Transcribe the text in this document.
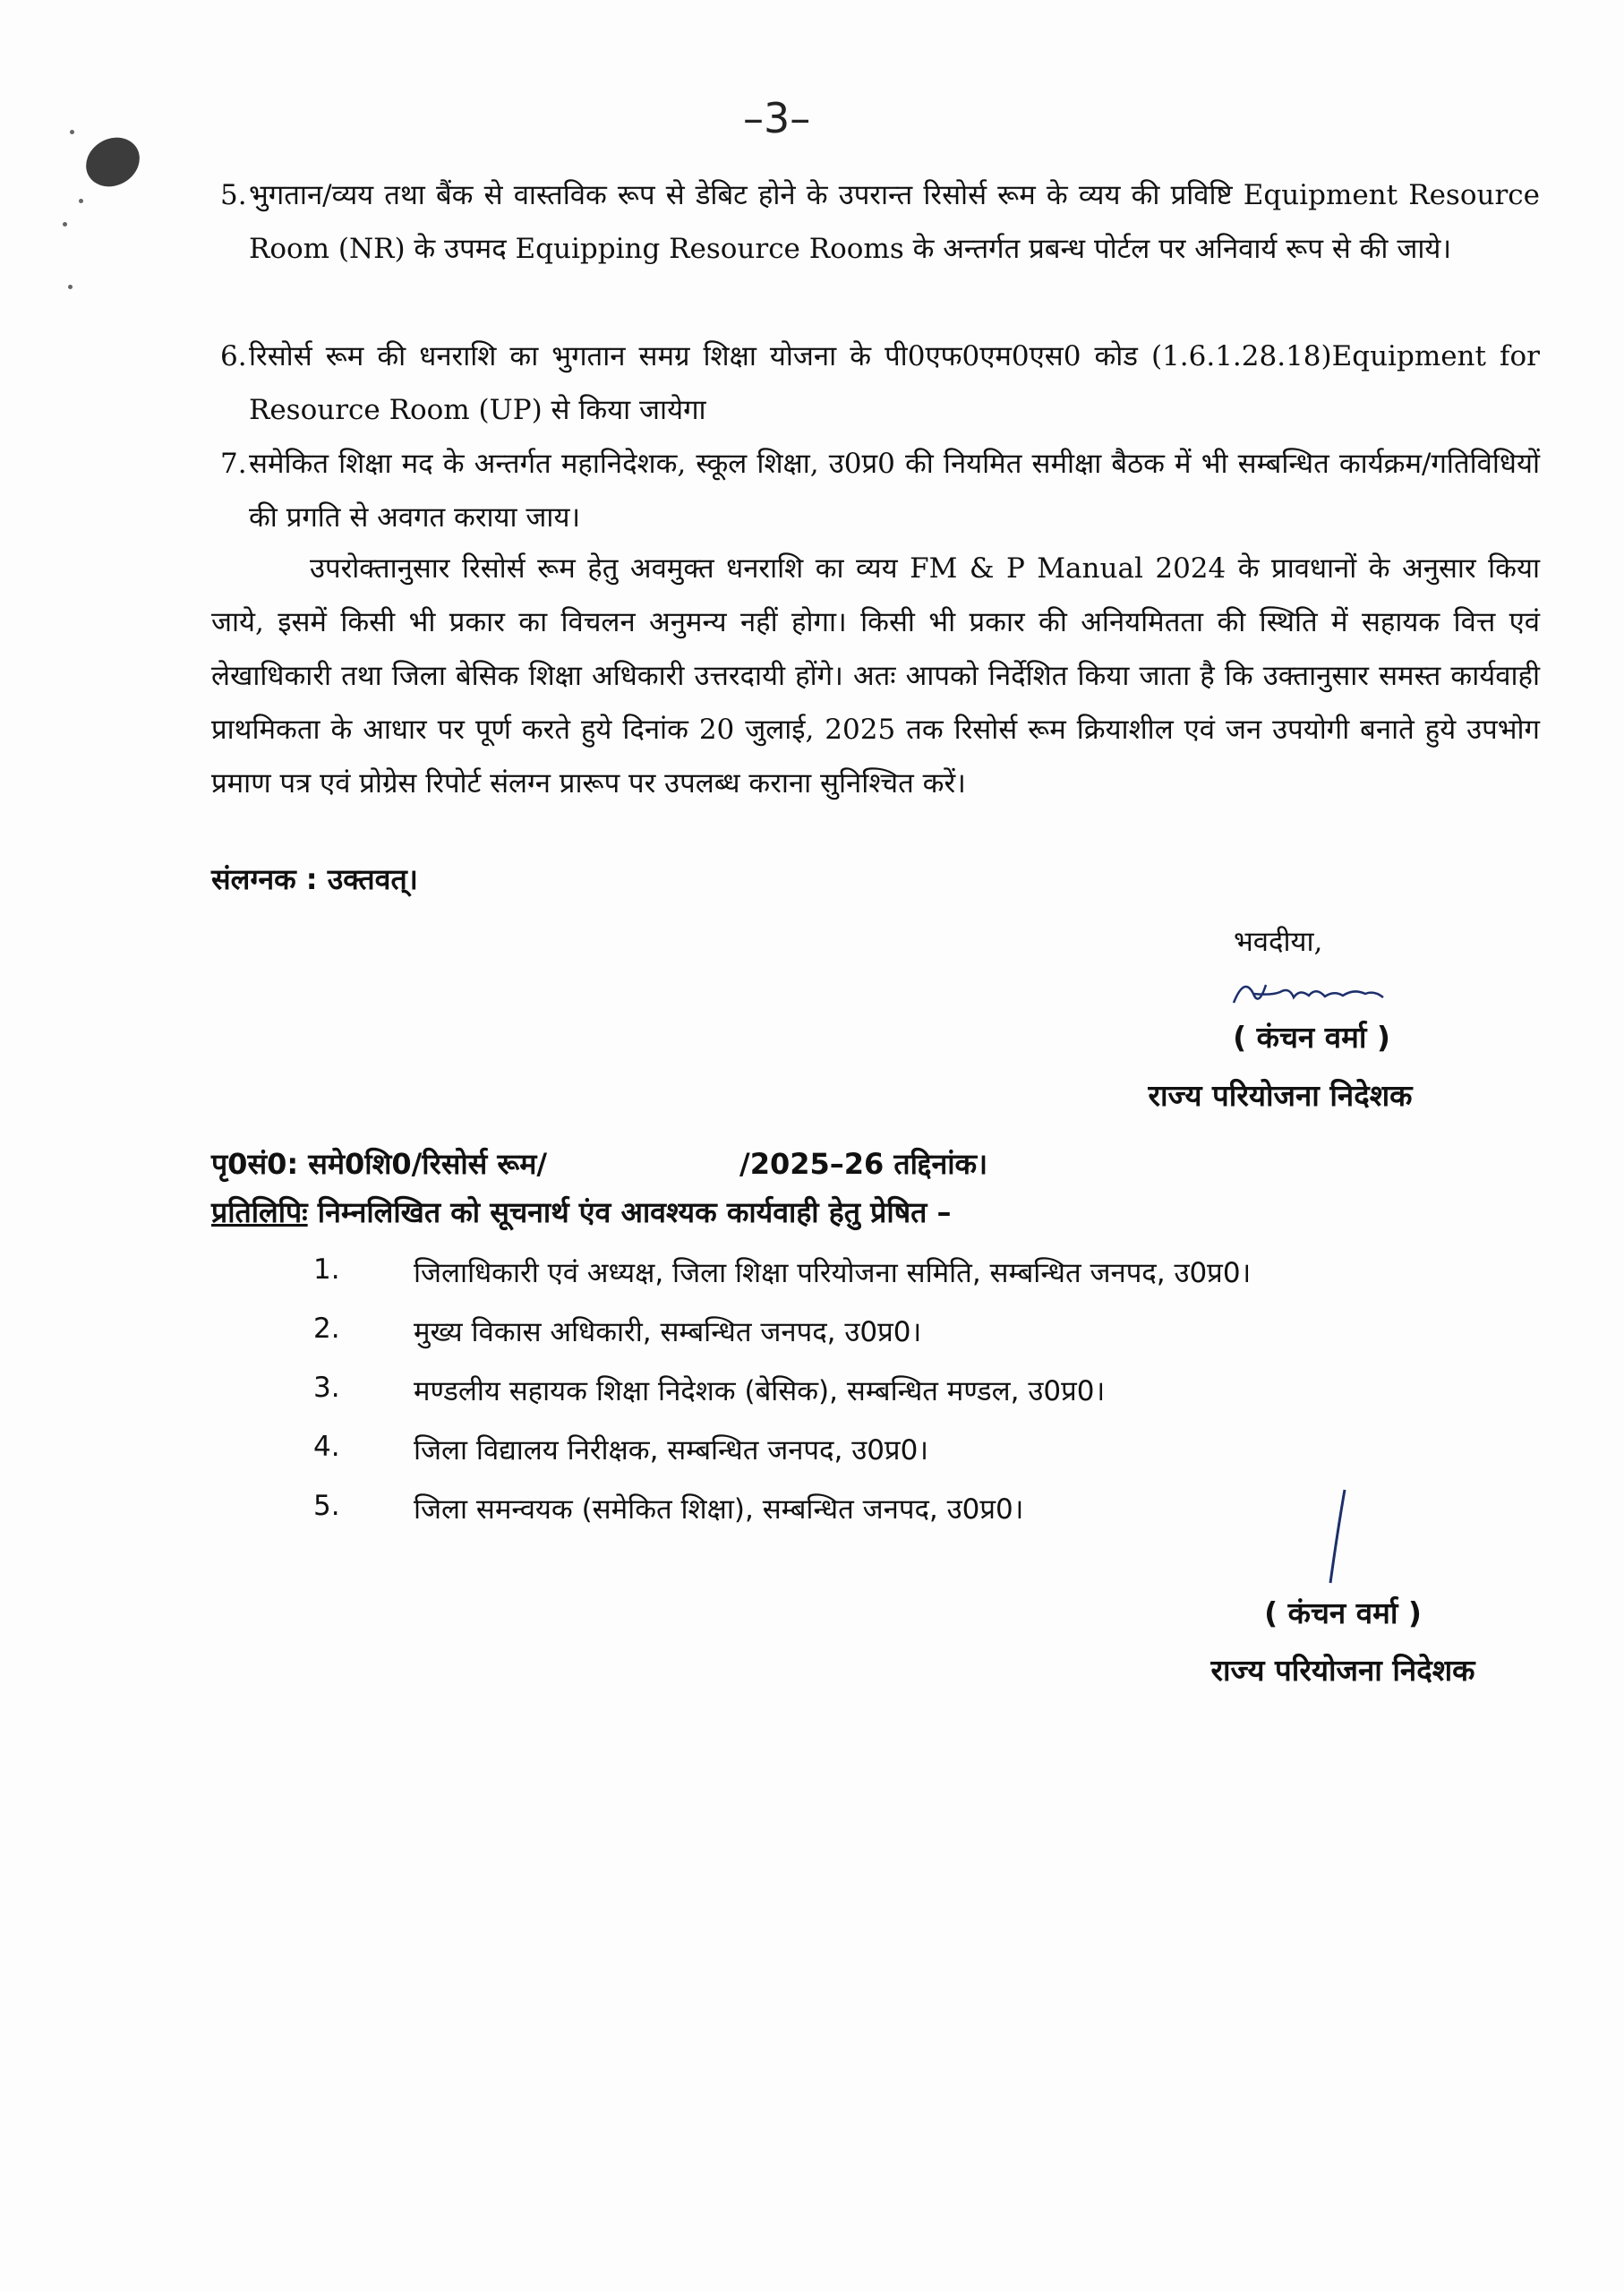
–3–
5. भुगतान/व्यय तथा बैंक से वास्तविक रूप से डेबिट होने के उपरान्त रिसोर्स रूम के व्यय की प्रविष्टि Equipment Resource Room (NR) के उपमद Equipping Resource Rooms के अन्तर्गत प्रबन्ध पोर्टल पर अनिवार्य रूप से की जाये।
6. रिसोर्स रूम की धनराशि का भुगतान समग्र शिक्षा योजना के पी0एफ0एम0एस0 कोड (1.6.1.28.18)Equipment for Resource Room (UP) से किया जायेगा
7. समेकित शिक्षा मद के अन्तर्गत महानिदेशक, स्कूल शिक्षा, उ0प्र0 की नियमित समीक्षा बैठक में भी सम्बन्धित कार्यक्रम/गतिविधियों की प्रगति से अवगत कराया जाय।
उपरोक्तानुसार रिसोर्स रूम हेतु अवमुक्त धनराशि का व्यय FM & P Manual 2024 के प्रावधानों के अनुसार किया जाये, इसमें किसी भी प्रकार का विचलन अनुमन्य नहीं होगा। किसी भी प्रकार की अनियमितता की स्थिति में सहायक वित्त एवं लेखाधिकारी तथा जिला बेसिक शिक्षा अधिकारी उत्तरदायी होंगे। अतः आपको निर्देशित किया जाता है कि उक्तानुसार समस्त कार्यवाही प्राथमिकता के आधार पर पूर्ण करते हुये दिनांक 20 जुलाई, 2025 तक रिसोर्स रूम क्रियाशील एवं जन उपयोगी बनाते हुये उपभोग प्रमाण पत्र एवं प्रोग्रेस रिपोर्ट संलग्न प्रारूप पर उपलब्ध कराना सुनिश्चित करें।
संलग्नक : उक्तवत्।
भवदीया,
( कंचन वर्मा )
राज्य परियोजना निदेशक
पृ0सं0: समे0शि0/रिसोर्स रूम/	/2025–26 तद्दिनांक।
प्रतिलिपिः निम्नलिखित को सूचनार्थ एंव आवश्यक कार्यवाही हेतु प्रेषित –
1.	जिलाधिकारी एवं अध्यक्ष, जिला शिक्षा परियोजना समिति, सम्बन्धित जनपद, उ0प्र0।
2.	मुख्य विकास अधिकारी, सम्बन्धित जनपद, उ0प्र0।
3.	मण्डलीय सहायक शिक्षा निदेशक (बेसिक), सम्बन्धित मण्डल, उ0प्र0।
4.	जिला विद्यालय निरीक्षक, सम्बन्धित जनपद, उ0प्र0।
5.	जिला समन्वयक (समेकित शिक्षा), सम्बन्धित जनपद, उ0प्र0।
( कंचन वर्मा )
राज्य परियोजना निदेशक
